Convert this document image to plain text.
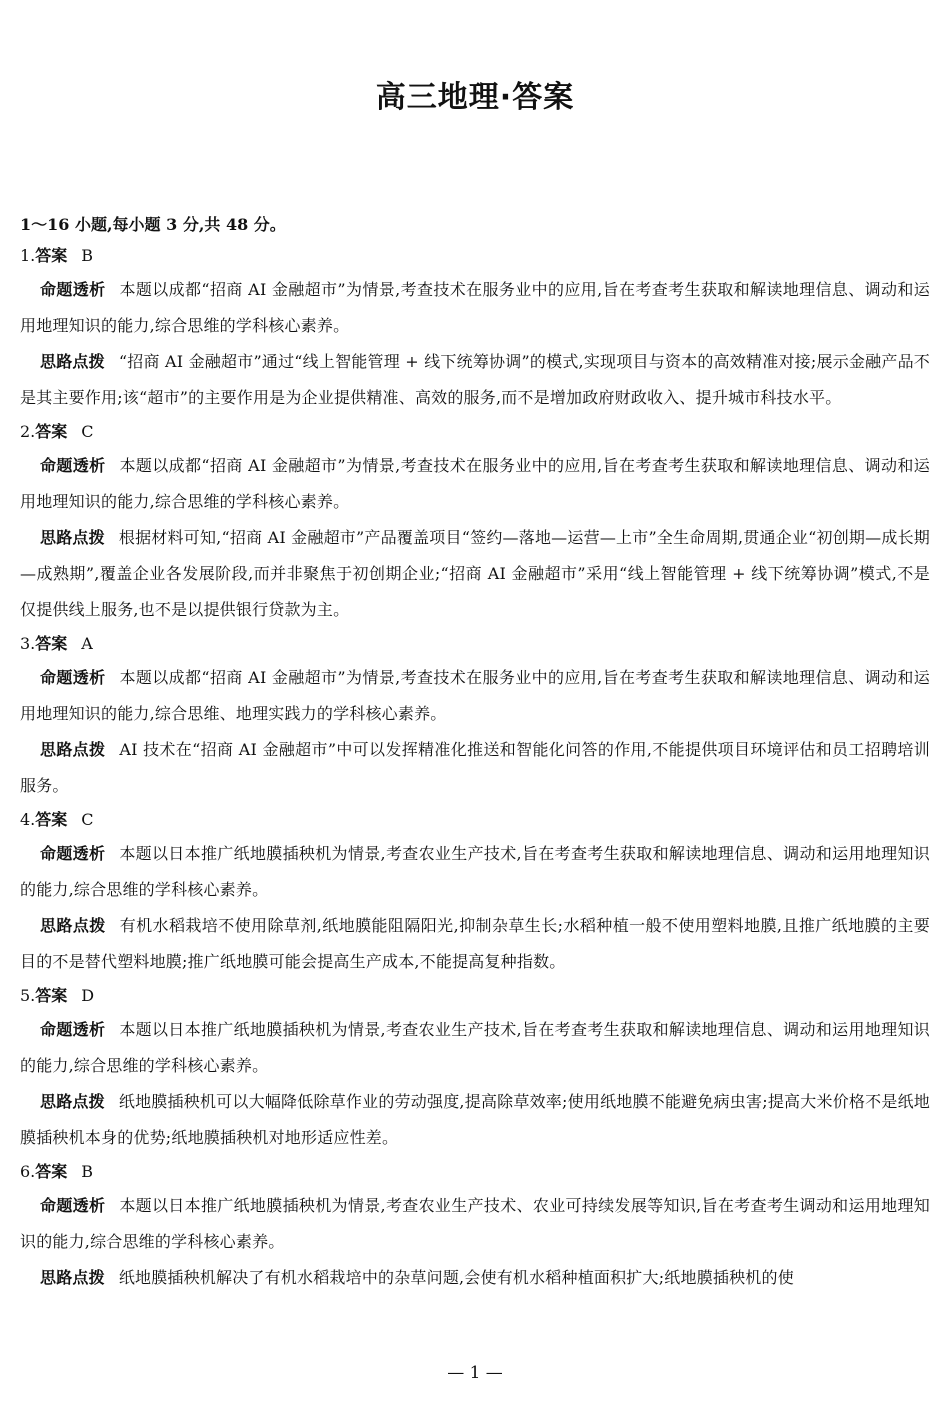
高三地理·答案
1～16 小题,每小题 3 分,共 48 分。
1.答案 B

命题透析 本题以成都“招商 AI 金融超市”为情景,考查技术在服务业中的应用,旨在考查考生获取和解读地理信息、调动和运用地理知识的能力,综合思维的学科核心素养。

思路点拨 “招商 AI 金融超市”通过“线上智能管理 + 线下统筹协调”的模式,实现项目与资本的高效精准对接;展示金融产品不是其主要作用;该“超市”的主要作用是为企业提供精准、高效的服务,而不是增加政府财政收入、提升城市科技水平。

2.答案 C

命题透析 本题以成都“招商 AI 金融超市”为情景,考查技术在服务业中的应用,旨在考查考生获取和解读地理信息、调动和运用地理知识的能力,综合思维的学科核心素养。

思路点拨 根据材料可知,“招商 AI 金融超市”产品覆盖项目“签约—落地—运营—上市”全生命周期,贯通企业“初创期—成长期—成熟期”,覆盖企业各发展阶段,而并非聚焦于初创期企业;“招商 AI 金融超市”采用“线上智能管理 + 线下统筹协调”模式,不是仅提供线上服务,也不是以提供银行贷款为主。

3.答案 A

命题透析 本题以成都“招商 AI 金融超市”为情景,考查技术在服务业中的应用,旨在考查考生获取和解读地理信息、调动和运用地理知识的能力,综合思维、地理实践力的学科核心素养。

思路点拨 AI 技术在“招商 AI 金融超市”中可以发挥精准化推送和智能化问答的作用,不能提供项目环境评估和员工招聘培训服务。

4.答案 C

命题透析 本题以日本推广纸地膜插秧机为情景,考查农业生产技术,旨在考查考生获取和解读地理信息、调动和运用地理知识的能力,综合思维的学科核心素养。

思路点拨 有机水稻栽培不使用除草剂,纸地膜能阻隔阳光,抑制杂草生长;水稻种植一般不使用塑料地膜,且推广纸地膜的主要目的不是替代塑料地膜;推广纸地膜可能会提高生产成本,不能提高复种指数。

5.答案 D

命题透析 本题以日本推广纸地膜插秧机为情景,考查农业生产技术,旨在考查考生获取和解读地理信息、调动和运用地理知识的能力,综合思维的学科核心素养。

思路点拨 纸地膜插秧机可以大幅降低除草作业的劳动强度,提高除草效率;使用纸地膜不能避免病虫害;提高大米价格不是纸地膜插秧机本身的优势;纸地膜插秧机对地形适应性差。

6.答案 B

命题透析 本题以日本推广纸地膜插秧机为情景,考查农业生产技术、农业可持续发展等知识,旨在考查考生调动和运用地理知识的能力,综合思维的学科核心素养。

思路点拨 纸地膜插秧机解决了有机水稻栽培中的杂草问题,会使有机水稻种植面积扩大;纸地膜插秧机的使

— 1 —
